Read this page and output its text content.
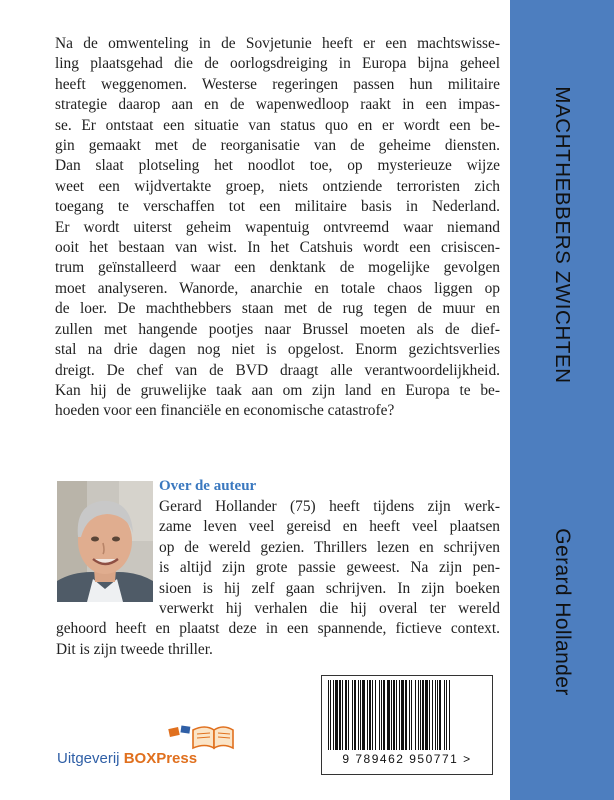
Na de omwenteling in de Sovjetunie heeft er een machtswisse-
ling plaatsgehad die de oorlogsdreiging in Europa bijna geheel
heeft weggenomen. Westerse regeringen passen hun militaire
strategie daarop aan en de wapenwedloop raakt in een impas-
se. Er ontstaat een situatie van status quo en er wordt een be-
gin gemaakt met de reorganisatie van de geheime diensten.
Dan slaat plotseling het noodlot toe, op mysterieuze wijze
weet een wijdvertakte groep, niets ontziende terroristen zich
toegang te verschaffen tot een militaire basis in Nederland.
Er wordt uiterst geheim wapentuig ontvreemd waar niemand
ooit het bestaan van wist. In het Catshuis wordt een crisiscen-
trum geïnstalleerd waar een denktank de mogelijke gevolgen
moet analyseren. Wanorde, anarchie en totale chaos liggen op
de loer. De machthebbers staan met de rug tegen de muur en
zullen met hangende pootjes naar Brussel moeten als de dief-
stal na drie dagen nog niet is opgelost. Enorm gezichtsverlies
dreigt. De chef van de BVD draagt alle verantwoordelijkheid.
Kan hij de gruwelijke taak aan om zijn land en Europa te be-
hoeden voor een financiële en economische catastrofe?
Over de auteur
Gerard Hollander (75) heeft tijdens zijn werk-
zame leven veel gereisd en heeft veel plaatsen
op de wereld gezien. Thrillers lezen en schrijven
is altijd zijn grote passie geweest. Na zijn pen-
sioen is hij zelf gaan schrijven. In zijn boeken
verwerkt hij verhalen die hij overal ter wereld
gehoord heeft en plaatst deze in een spannende, fictieve context.
Dit is zijn tweede thriller.
Uitgeverij BOXPress	9 789462 950771 >
MACHTHEBBERS ZWICHTEN
Gerard Hollander
